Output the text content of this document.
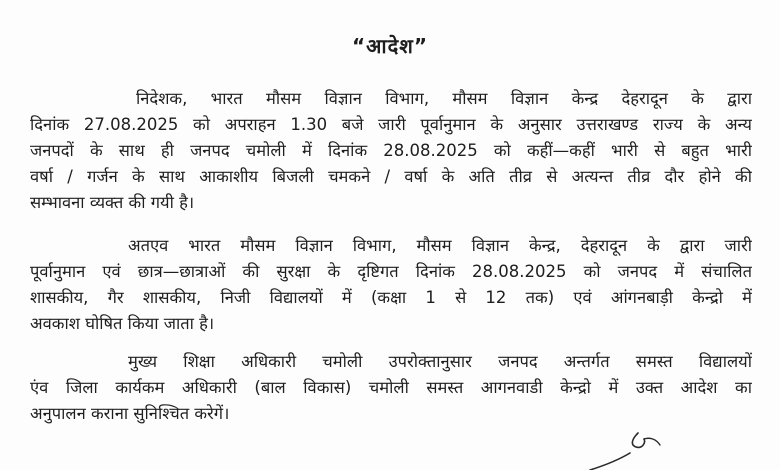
“आदेश”
निदेशक, भारत मौसम विज्ञान विभाग, मौसम विज्ञान केन्द्र देहरादून के द्वारा
दिनांक 27.08.2025 को अपराहन 1.30 बजे जारी पूर्वानुमान के अनुसार उत्तराखण्ड राज्य के अन्य
जनपदों के साथ ही जनपद चमोली में दिनांक 28.08.2025 को कहीं—कहीं भारी से बहुत भारी
वर्षा / गर्जन के साथ आकाशीय बिजली चमकने / वर्षा के अति तीव्र से अत्यन्त तीव्र दौर होने की
सम्भावना व्यक्त की गयी है।
अतएव भारत मौसम विज्ञान विभाग, मौसम विज्ञान केन्द्र, देहरादून के द्वारा जारी
पूर्वानुमान एवं छात्र—छात्राओं की सुरक्षा के दृष्टिगत दिनांक 28.08.2025 को जनपद में संचालित
शासकीय, गैर शासकीय, निजी विद्यालयों में (कक्षा 1 से 12 तक) एवं आंगनबाड़ी केन्द्रो में
अवकाश घोषित किया जाता है।
मुख्य शिक्षा अधिकारी चमोली उपरोक्तानुसार जनपद अन्तर्गत समस्त विद्यालयों
एंव जिला कार्यकम अधिकारी (बाल विकास) चमोली समस्त आगनवाडी केन्द्रो में उक्त आदेश का
अनुपालन कराना सुनिश्चित करेगें।
